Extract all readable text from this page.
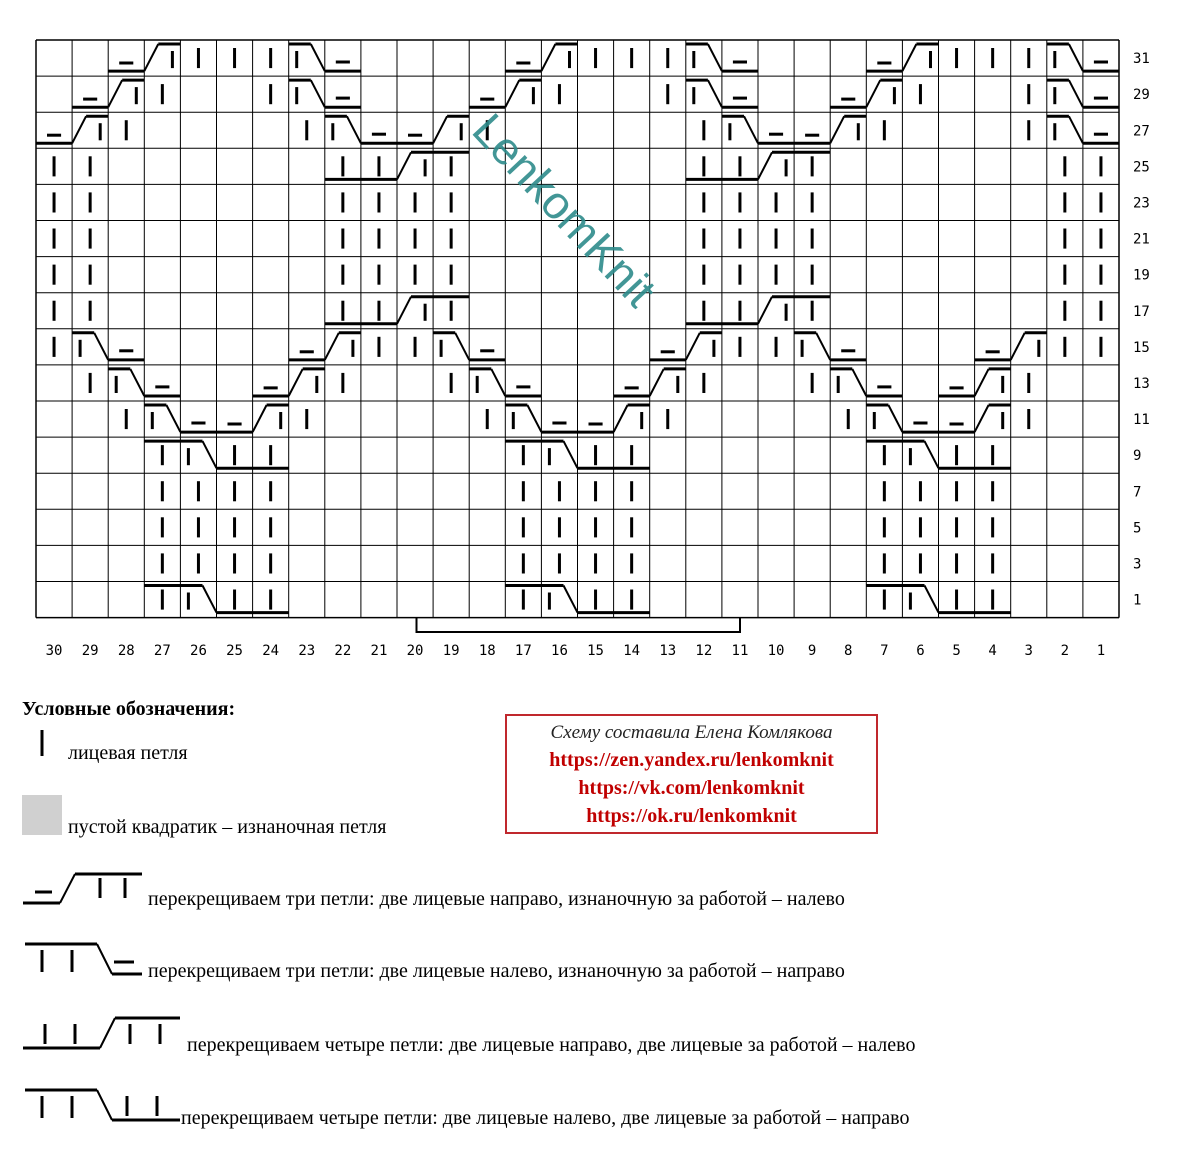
31
29
27
25
23
21
19
17
15
13
11
9
7
5
3
1
30 29 28 27 26 25 24 23 22 21 20 19 18 17 16 15 14 13 12 11 10 9 8 7 6 5 4 3 2 1
LenkomKnit
Условные обозначения:
лицевая петля
пустой квадратик – изнаночная петля
перекрещиваем три петли: две лицевые направо, изнаночную за работой – налево
перекрещиваем три петли: две лицевые налево, изнаночную за работой – направо
перекрещиваем четыре петли: две лицевые направо, две лицевые за работой – налево
перекрещиваем четыре петли: две лицевые налево, две лицевые за работой – направо
Схему составила Елена Комлякова
https://zen.yandex.ru/lenkomknit
https://vk.com/lenkomknit
https://ok.ru/lenkomknit
